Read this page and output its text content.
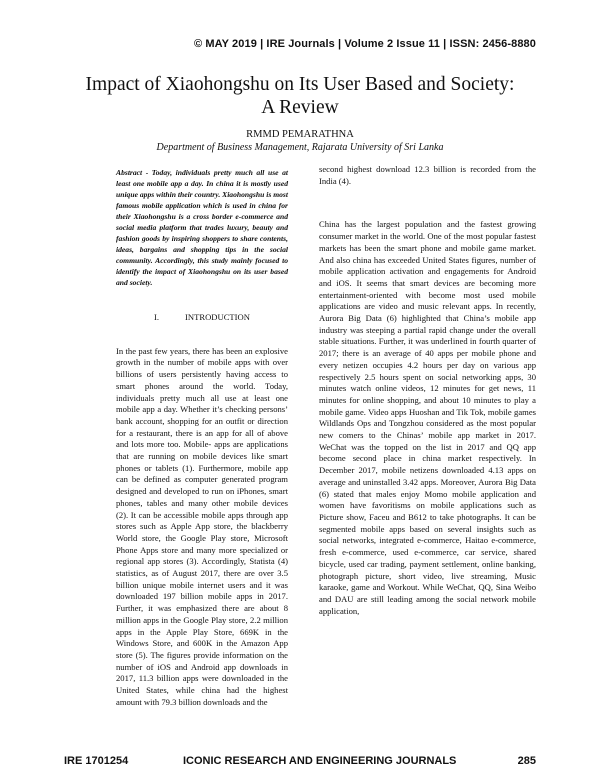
© MAY 2019 | IRE Journals | Volume 2 Issue 11 | ISSN: 2456-8880
Impact of Xiaohongshu on Its User Based and Society:
A Review
RMMD PEMARATHNA
Department of Business Management, Rajarata University of Sri Lanka

Abstract - Today, individuals pretty much all use at least one mobile app a day. In china it is mostly used unique apps within their country. Xiaohongshu is most famous mobile application which is used in china for their Xiaohongshu is a cross border e-commerce and social media platform that trades luxury, beauty and fashion goods by inspiring shoppers to share contents, ideas, bargains and shopping tips in the social community. Accordingly, this study mainly focused to identify the impact of Xiaohongshu on its user based and society.

I.	INTRODUCTION

In the past few years, there has been an explosive growth in the number of mobile apps with over billions of users persistently having access to smart phones around the world. Today, individuals pretty much all use at least one mobile app a day. Whether it’s checking persons’ bank account, shopping for an outfit or direction for a restaurant, there is an app for all of above and lots more too. Mobile- apps are applications that are running on mobile devices like smart phones or tablets (1). Furthermore, mobile app can be defined as computer generated program designed and developed to run on iPhones, smart phones, tables and many other mobile devices (2). It can be accessible mobile apps through app stores such as Apple App store, the blackberry World store, the Google Play store, Microsoft Phone Apps store and many more specialized or regional app stores (3). Accordingly, Statista (4) statistics, as of August 2017, there are over 3.5 billion unique mobile internet users and it was downloaded 197 billion mobile apps in 2017. Further, it was emphasized there are about 8 million apps in the Google Play store, 2.2 million apps in the Apple Play Store, 669K in the Windows Store, and 600K in the Amazon App store (5). The figures provide information on the number of iOS and Android app downloads in 2017, 11.3 billion apps were downloaded in the United States, while china had the highest amount with 79.3 billion downloads and the

second highest download 12.3 billion is recorded from the India (4).

China has the largest population and the fastest growing consumer market in the world. One of the most popular fastest markets has been the smart phone and mobile game market. And also china has exceeded United States figures, number of mobile application activation and engagements for Android and iOS. It seems that smart devices are becoming more entertainment-oriented with become most used mobile applications are video and music relevant apps. In recently, Aurora Big Data (6) highlighted that China’s mobile app industry was steeping a partial rapid change under the overall stable situations. Further, it was underlined in fourth quarter of 2017; there is an average of 40 apps per mobile phone and every netizen occupies 4.2 hours per day on various app respectively 2.5 hours spent on social networking apps, 30 minutes watch online videos, 12 minutes for get news, 11 minutes for online shopping, and about 10 minutes to play a mobile game. Video apps Huoshan and Tik Tok, mobile games Wildlands Ops and Tongzhou considered as the most popular new comers to the Chinas’ mobile app market in 2017. WeChat was the topped on the list in 2017 and QQ app become second place in china market respectively. In December 2017, mobile netizens downloaded 4.13 apps on average and uninstalled 3.42 apps. Moreover, Aurora Big Data (6) stated that males enjoy Momo mobile application and women have favoritisms on mobile applications such as Picture show, Faceu and B612 to take photographs. It can be segmented mobile apps based on several insights such as social networks, integrated e-commerce, Haitao e-commerce, fresh e-commerce, used e-commerce, car service, shared bicycle, used car trading, payment settlement, online banking, photograph picture, short video, live streaming, Music karaoke, game and Workout. While WeChat, QQ, Sina Weibo and DAU are still leading among the social network mobile application,

IRE 1701254	ICONIC RESEARCH AND ENGINEERING JOURNALS	285
